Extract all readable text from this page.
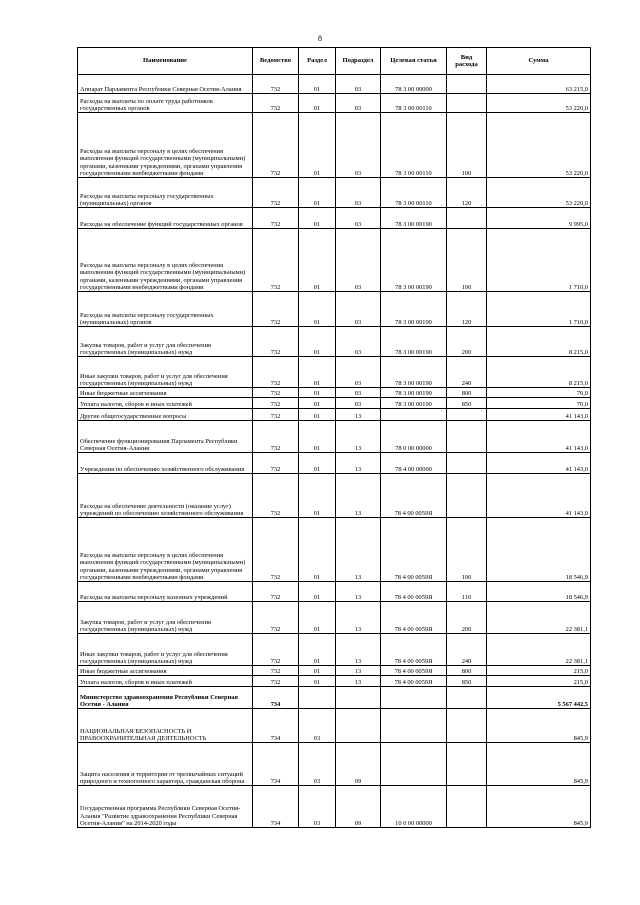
8
Наименование	Ведомство	Раздел	Подраздел	Целевая статья	Вид расхода	Сумма
Аппарат Парламента Республики Северная Осетия-Алания	732	01	03	78 3 00 00000		63 215,0
Расходы на выплаты по оплате труда работников государственных органов	732	01	03	78 3 00 00110		53 220,0
Расходы на выплаты персоналу в целях обеспечения выполнения функций государственными (муниципальными) органами, казенными учреждениями, органами управления государственными внебюджетными фондами	732	01	03	78 3 00 00110	100	53 220,0
Расходы на выплаты персоналу государственных (муниципальных) органов	732	01	03	78 3 00 00110	120	53 220,0
Расходы на обеспечение функций государственных органов	732	01	03	78 3 00 00190		9 995,0
Расходы на выплаты персоналу в целях обеспечения выполнения функций государственными (муниципальными) органами, казенными учреждениями, органами управления государственными внебюджетными фондами	732	01	03	78 3 00 00190	100	1 710,0
Расходы на выплаты персоналу государственных (муниципальных) органов	732	01	03	78 3 00 00190	120	1 710,0
Закупка товаров, работ и услуг для обеспечения государственных (муниципальных) нужд	732	01	03	78 3 00 00190	200	8 215,0
Иные закупки товаров, работ и услуг для обеспечения государственных (муниципальных) нужд	732	01	03	78 3 00 00190	240	8 215,0
Иные бюджетные ассигнования	732	01	03	78 3 00 00190	800	70,0
Уплата налогов, сборов и иных платежей	732	01	03	78 3 00 00190	850	70,0
Другие общегосударственные вопросы	732	01	13			41 143,0
Обеспечение функционирования Парламента Республики Северная Осетия-Алания	732	01	13	78 0 00 00000		41 143,0
Учреждения по обеспечению хозяйственного обслуживания	732	01	13	78 4 00 00000		41 143,0
Расходы на обеспечение деятельности (оказание услуг) учреждений по обеспечению хозяйственного обслуживания	732	01	13	78 4 00 0059Я		41 143,0
Расходы на выплаты персоналу в целях обеспечения выполнения функций государственными (муниципальными) органами, казенными учреждениями, органами управления государственными внебюджетными фондами	732	01	13	78 4 00 0059Я	100	18 546,9
Расходы на выплаты персоналу казенных учреждений	732	01	13	78 4 00 0059Я	110	18 546,9
Закупка товаров, работ и услуг для обеспечения государственных (муниципальных) нужд	732	01	13	78 4 00 0059Я	200	22 381,1
Иные закупки товаров, работ и услуг для обеспечения государственных (муниципальных) нужд	732	01	13	78 4 00 0059Я	240	22 381,1
Иные бюджетные ассигнования	732	01	13	78 4 00 0059Я	800	215,0
Уплата налогов, сборов и иных платежей	732	01	13	78 4 00 0059Я	850	215,0
Министерство здравоохранения Республики Северная Осетия - Алания	734					5 567 442,5
НАЦИОНАЛЬНАЯ БЕЗОПАСНОСТЬ И ПРАВООХРАНИТЕЛЬНАЯ ДЕЯТЕЛЬНОСТЬ	734	03				845,9
Защита населения и территории от чрезвычайных ситуаций природного и техногенного характера, гражданская оборона	734	03	09			845,9
Государственная программа Республики Северная Осетия-Алания "Развитие здравоохранения Республики Северная Осетия-Алания" на 2014-2020 годы	734	03	09	10 0 00 00000		845,9
